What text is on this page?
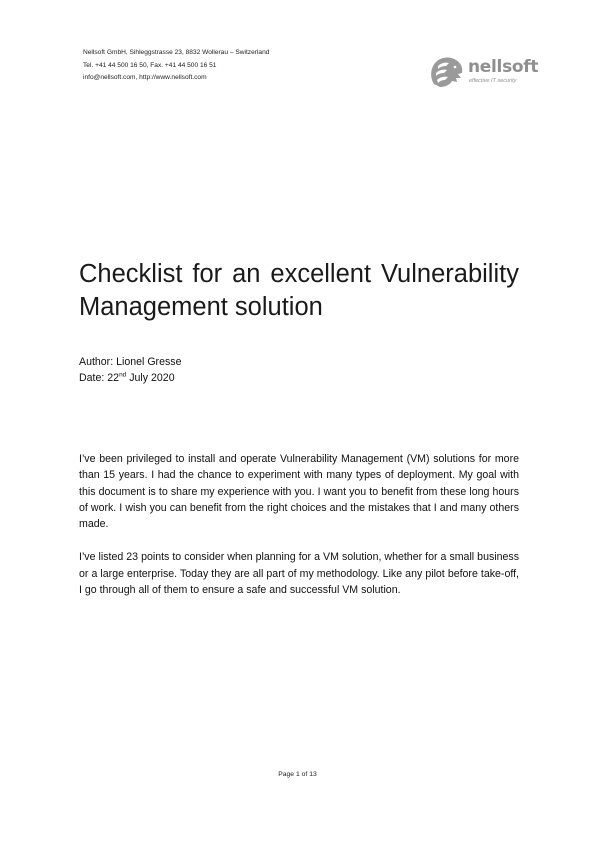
Nellsoft GmbH, Sihleggstrasse 23, 8832 Wollerau – Switzerland
Tel. +41 44 500 16 50, Fax. +41 44 500 16 51
info@nellsoft.com, http://www.nellsoft.com
nellsoft
effective IT security
Checklist for an excellent Vulnerability
Management solution
Author: Lionel Gresse
Date: 22nd July 2020

I’ve been privileged to install and operate Vulnerability Management (VM) solutions for more than 15 years. I had the chance to experiment with many types of deployment. My goal with this document is to share my experience with you. I want you to benefit from these long hours of work. I wish you can benefit from the right choices and the mistakes that I and many others made.

I’ve listed 23 points to consider when planning for a VM solution, whether for a small business or a large enterprise. Today they are all part of my methodology. Like any pilot before take-off, I go through all of them to ensure a safe and successful VM solution.

Page 1 of 13
